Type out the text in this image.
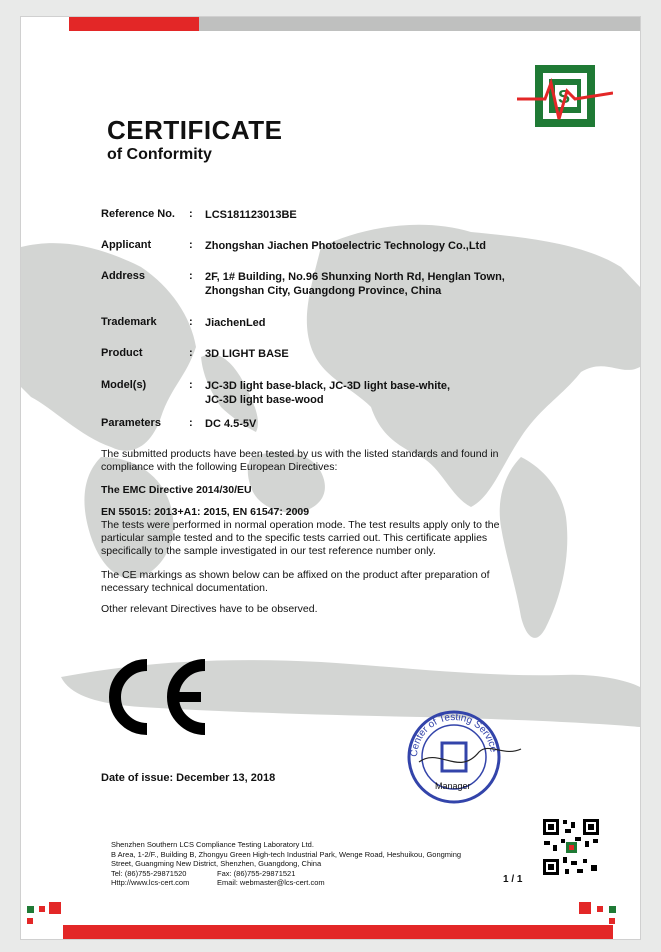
S
CERTIFICATE
of Conformity
Reference No.	: LCS181123013BE
Applicant	: Zhongshan Jiachen Photoelectric Technology Co.,Ltd
Address	: 2F, 1# Building, No.96 Shunxing North Rd, Henglan Town,
Zhongshan City, Guangdong Province, China
Trademark	: JiachenLed
Product	: 3D LIGHT BASE
Model(s)	: JC-3D light base-black, JC-3D light base-white,
JC-3D light base-wood
Parameters	: DC 4.5-5V
The submitted products have been tested by us with the listed standards and found in
compliance with the following European Directives:
The EMC Directive 2014/30/EU
EN 55015: 2013+A1: 2015, EN 61547: 2009
The tests were performed in normal operation mode. The test results apply only to the
particular sample tested and to the specific tests carried out. This certificate applies
specifically to the sample investigated in our test reference number only.
The CE markings as shown below can be affixed on the product after preparation of
necessary technical documentation.
Other relevant Directives have to be observed.
Center of Testing Service
Manager
Date of issue: December 13, 2018
Shenzhen Southern LCS Compliance Testing Laboratory Ltd.
B Area, 1-2/F., Building B, Zhongyu Green High-tech Industrial Park, Wenge Road, Heshuikou, Gongming
Street, Guangming New District, Shenzhen, Guangdong, China
Tel: (86)755-29871520	Fax: (86)755-29871521
Http://www.lcs-cert.com	Email: webmaster@lcs-cert.com	1 / 1
